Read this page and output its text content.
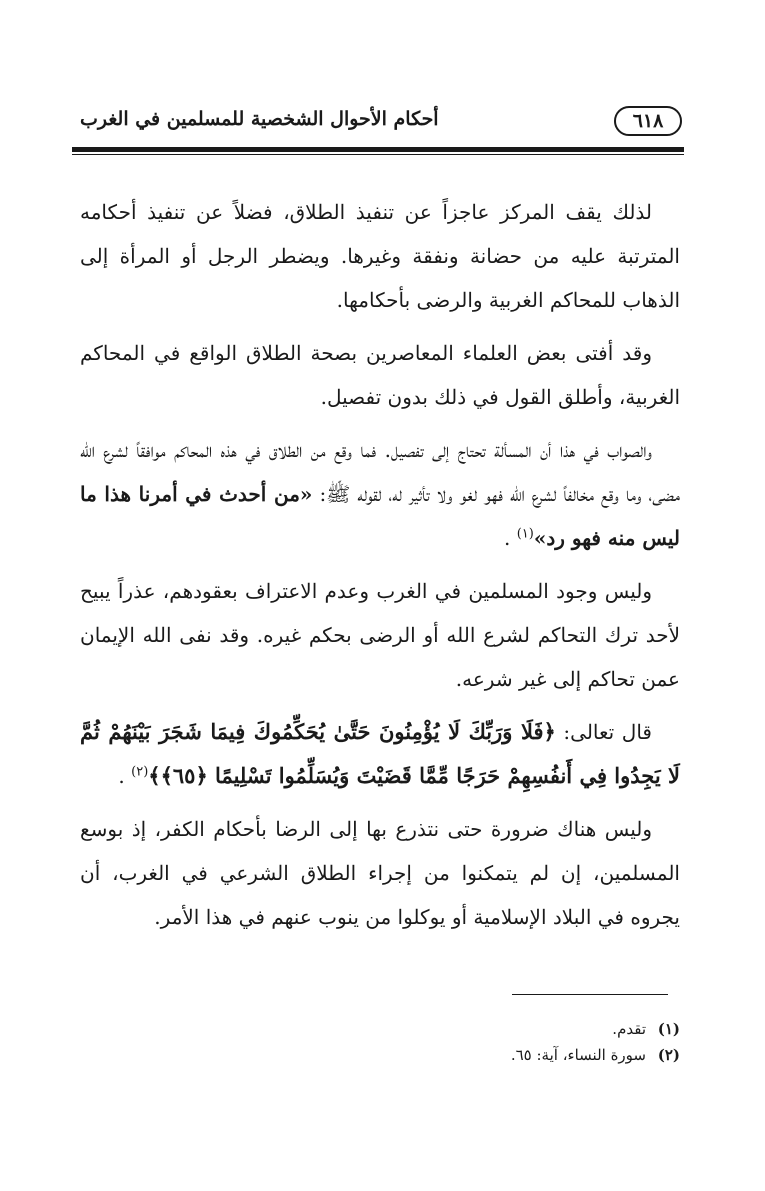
٦١٨
أحكام الأحوال الشخصية للمسلمين في الغرب

لذلك يقف المركز عاجزاً عن تنفيذ الطلاق، فضلاً عن تنفيذ أحكامه المترتبة عليه من حضانة ونفقة وغيرها. ويضطر الرجل أو المرأة إلى الذهاب للمحاكم الغربية والرضى بأحكامها.

وقد أفتى بعض العلماء المعاصرين بصحة الطلاق الواقع في المحاكم الغربية، وأطلق القول في ذلك بدون تفصيل.

والصواب في هذا أن المسألة تحتاج إلى تفصيل. فما وقع من الطلاق في هذه المحاكم موافقاً لشرع الله مضى، وما وقع مخالفاً لشرع الله فهو لغو ولا تأثير له، لقوله ﷺ: «من أحدث في أمرنا هذا ما ليس منه فهو رد»$^{(١)}$ .

وليس وجود المسلمين في الغرب وعدم الاعتراف بعقودهم، عذراً يبيح لأحد ترك التحاكم لشرع الله أو الرضى بحكم غيره. وقد نفى الله الإيمان عمن تحاكم إلى غير شرعه.

قال تعالى: ﴿فَلَا وَرَبِّكَ لَا يُؤْمِنُونَ حَتَّىٰ يُحَكِّمُوكَ فِيمَا شَجَرَ بَيْنَهُمْ ثُمَّ لَا يَجِدُوا فِي أَنفُسِهِمْ حَرَجًا مِّمَّا قَضَيْتَ وَيُسَلِّمُوا تَسْلِيمًا ﴿٦٥﴾﴾$^{(٢)}$ .

وليس هناك ضرورة حتى نتذرع بها إلى الرضا بأحكام الكفر، إذ بوسع المسلمين، إن لم يتمكنوا من إجراء الطلاق الشرعي في الغرب، أن يجروه في البلاد الإسلامية أو يوكلوا من ينوب عنهم في هذا الأمر.

(١)تقدم.
(٢)سورة النساء، آية: ٦٥.
